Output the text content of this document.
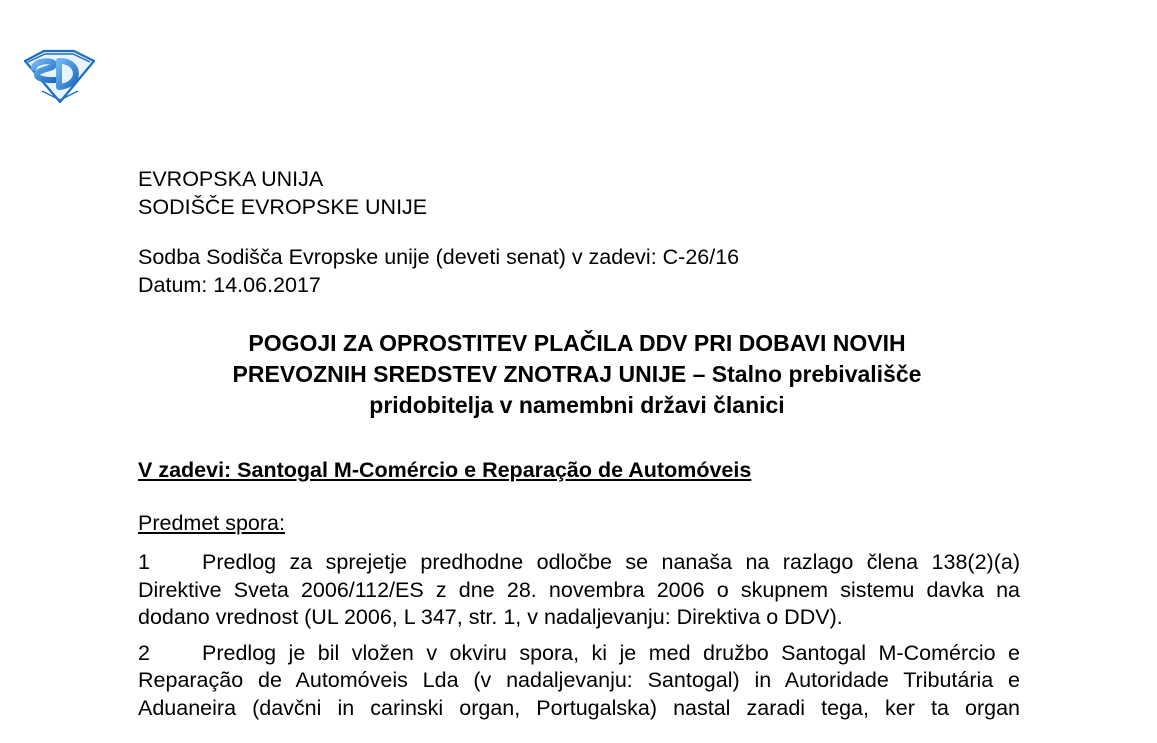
EVROPSKA UNIJA
SODIŠČE EVROPSKE UNIJE
Sodba Sodišča Evropske unije (deveti senat) v zadevi: C-26/16
Datum: 14.06.2017
POGOJI ZA OPROSTITEV PLAČILA DDV PRI DOBAVI NOVIH
PREVOZNIH SREDSTEV ZNOTRAJ UNIJE – Stalno prebivališče
pridobitelja v namembni državi članici
V zadevi: Santogal M-Comércio e Reparação de Automóveis
Predmet spora:
1 Predlog za sprejetje predhodne odločbe se nanaša na razlago člena 138(2)(a)
Direktive Sveta 2006/112/ES z dne 28. novembra 2006 o skupnem sistemu davka na
dodano vrednost (UL 2006, L 347, str. 1, v nadaljevanju: Direktiva o DDV).
2 Predlog je bil vložen v okviru spora, ki je med družbo Santogal M-Comércio e
Reparação de Automóveis Lda (v nadaljevanju: Santogal) in Autoridade Tributária e
Aduaneira (davčni in carinski organ, Portugalska) nastal zaradi tega, ker ta organ
